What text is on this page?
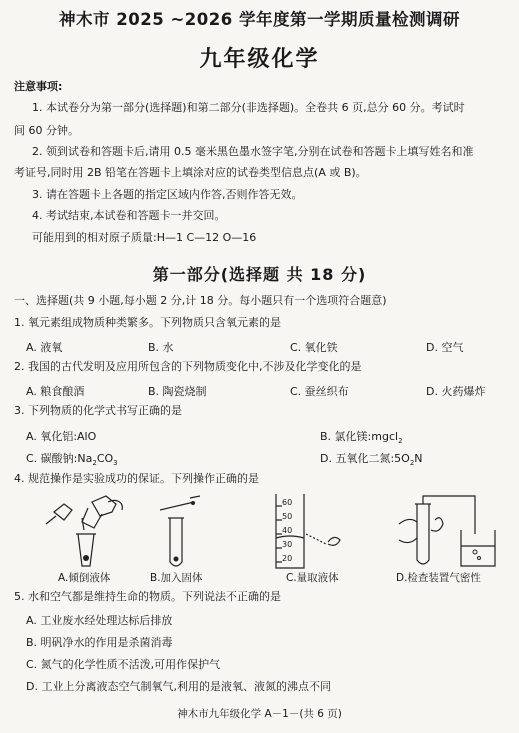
神木市 2025 ~2026 学年度第一学期质量检测调研
九年级化学
注意事项:
1. 本试卷分为第一部分(选择题)和第二部分(非选择题)。全卷共 6 页,总分 60 分。考试时
间 60 分钟。
2. 领到试卷和答题卡后,请用 0.5 毫米黑色墨水签字笔,分别在试卷和答题卡上填写姓名和准
考证号,同时用 2B 铅笔在答题卡上填涂对应的试卷类型信息点(A 或 B)。
3. 请在答题卡上各题的指定区域内作答,否则作答无效。
4. 考试结束,本试卷和答题卡一并交回。
可能用到的相对原子质量:H—1 C—12 O—16
第一部分(选择题 共 18 分)
一、选择题(共 9 小题,每小题 2 分,计 18 分。每小题只有一个选项符合题意)
1. 氧元素组成物质种类繁多。下列物质只含氧元素的是
A. 液氧	B. 水	C. 氧化铁	D. 空气
2. 我国的古代发明及应用所包含的下列物质变化中,不涉及化学变化的是
A. 粮食酿酒	B. 陶瓷烧制	C. 蚕丝织布	D. 火药爆炸
3. 下列物质的化学式书写正确的是
A. 氧化铝:AlO	B. 氯化镁:mgcl$_2$
C. 碳酸钠$:Na_2CO_3$	D. 五氧化二氮$:5O_2N$
4. 规范操作是实验成功的保证。下列操作正确的是
A.倾倒液体	B.加入固体
60
50
40
30
20
C.量取液体	D.检查装置气密性
5. 水和空气都是维持生命的物质。下列说法不正确的是
A. 工业废水经处理达标后排放
B. 明矾净水的作用是杀菌消毒
C. 氮气的化学性质不活泼,可用作保护气
D. 工业上分离液态空气制氧气,利用的是液氧、液氮的沸点不同
神木市九年级化学 A－1－(共 6 页)
